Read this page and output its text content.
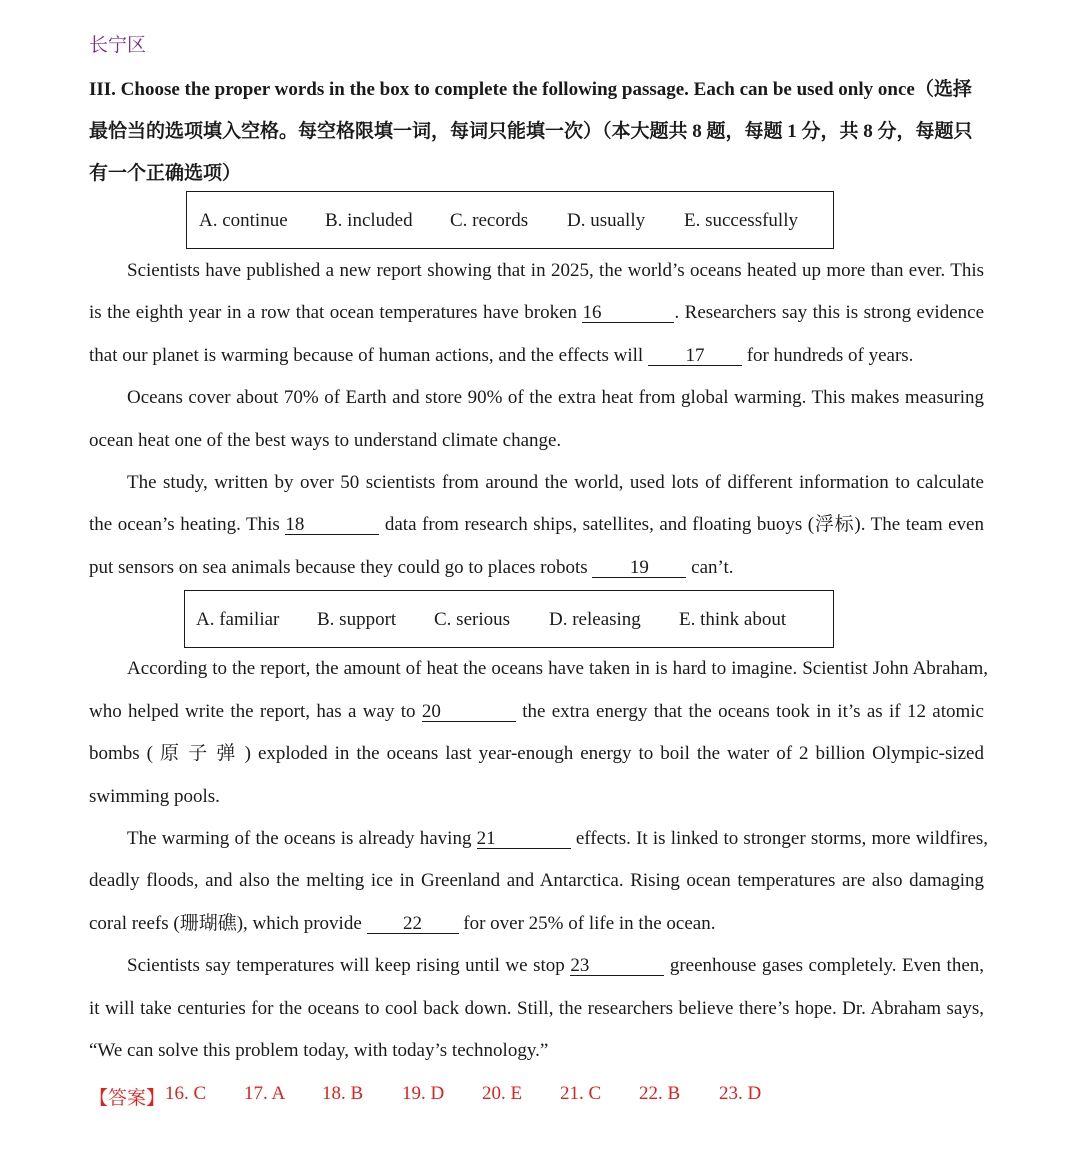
长宁区
III. Choose the proper words in the box to complete the following passage. Each can be used only once（选择
最恰当的选项填入空格。每空格限填一词，每词只能填一次）（本大题共 8 题，每题 1 分，共 8 分，每题只
有一个正确选项）
A. continue B. included C. records D. usually E. successfully
Scientists have published a new report showing that in 2025, the world’s oceans heated up more than ever. This
is the eighth year in a row that ocean temperatures have broken 16	. Researchers say this is strong evidence
that our planet is warming because of human actions, and the effects will 17 for hundreds of years.
Oceans cover about 70% of Earth and store 90% of the extra heat from global warming. This makes measuring
ocean heat one of the best ways to understand climate change.
The study, written by over 50 scientists from around the world, used lots of different information to calculate
the ocean’s heating. This 18	data from research ships, satellites, and floating buoys (浮标). The team even
put sensors on sea animals because they could go to places robots 19 can’t.
A. familiar B. support C. serious D. releasing E. think about
According to the report, the amount of heat the oceans have taken in is hard to imagine. Scientist John Abraham,
who helped write the report, has a way to 20	the extra energy that the oceans took in it’s as if 12 atomic
bombs ( 原 子 弹 ) exploded in the oceans last year-enough energy to boil the water of 2 billion Olympic-sized
swimming pools.
The warming of the oceans is already having 21	effects. It is linked to stronger storms, more wildfires,
deadly floods, and also the melting ice in Greenland and Antarctica. Rising ocean temperatures are also damaging
coral reefs (珊瑚礁), which provide 22 for over 25% of life in the ocean.
Scientists say temperatures will keep rising until we stop 23	greenhouse gases completely. Even then,
it will take centuries for the oceans to cool back down. Still, the researchers believe there’s hope. Dr. Abraham says,
“We can solve this problem today, with today’s technology.”
【答案】 16. C 17. A 18. B 19. D 20. E 21. C 22. B 23. D
